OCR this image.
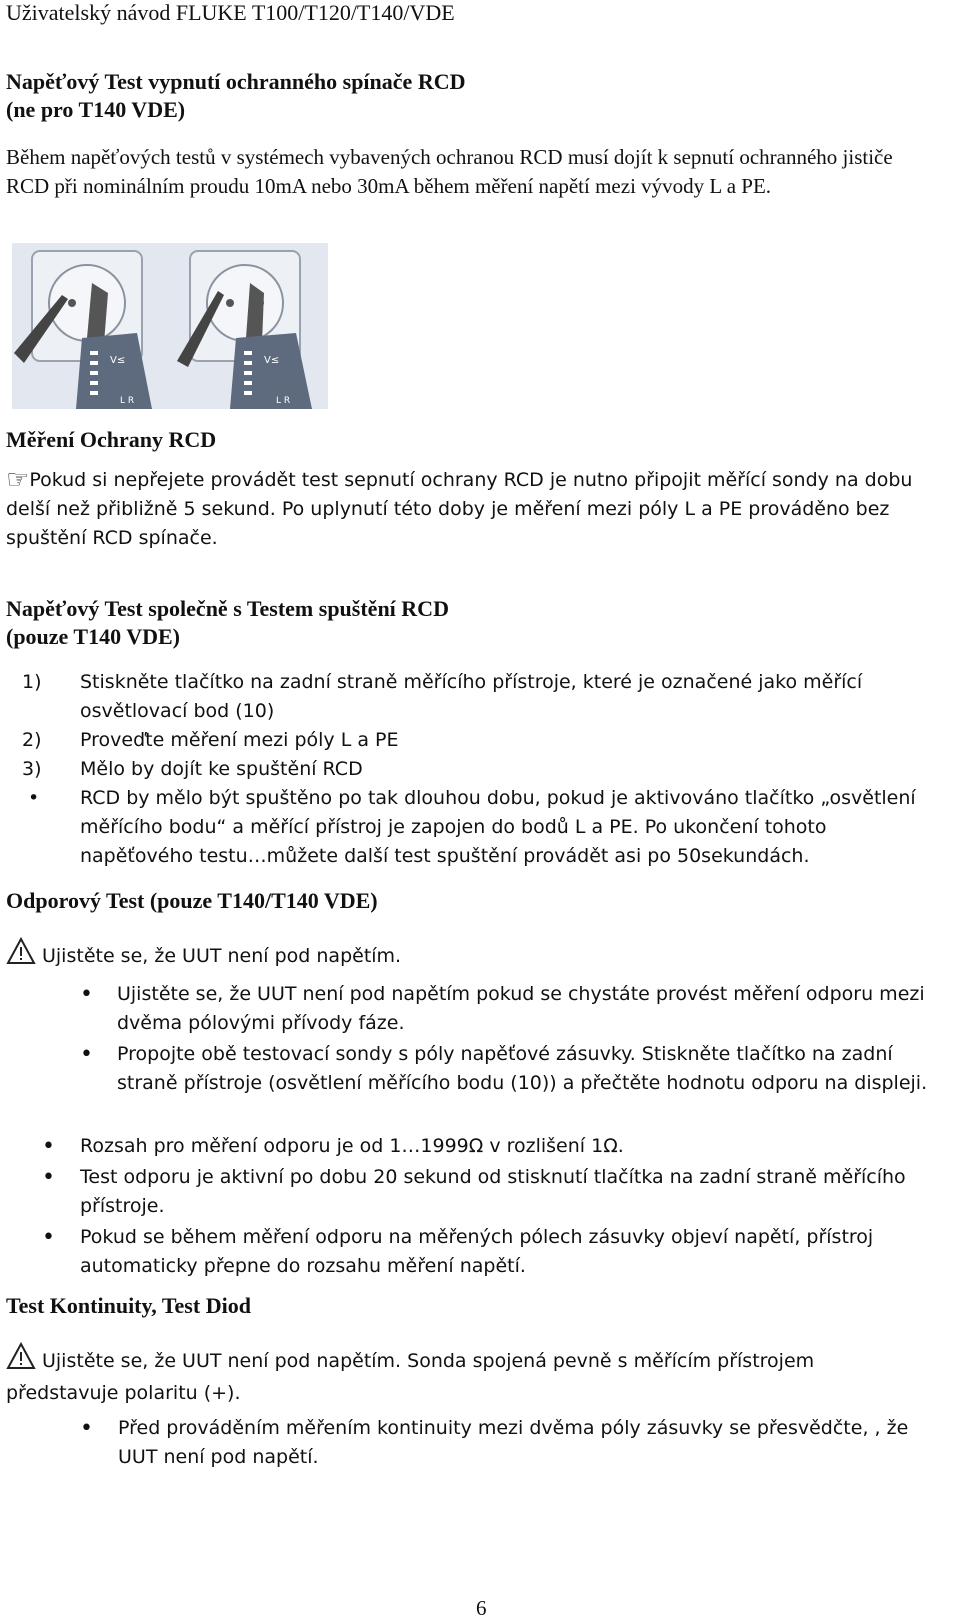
Uživatelský návod FLUKE T100/T120/T140/VDE
Napěťový Test vypnutí ochranného spínače RCD
(ne pro T140 VDE)
Během napěťových testů v systémech vybavených ochranou RCD musí dojít k sepnutí ochranného jističe RCD při nominálním proudu 10mA nebo 30mA během měření napětí mezi vývody L a PE.
V≤	V≤
L R	L R
Měření Ochrany RCD
☞Pokud si nepřejete provádět test sepnutí ochrany RCD je nutno připojit měřící sondy na dobu delší než přibližně 5 sekund. Po uplynutí této doby je měření mezi póly L a PE prováděno bez spuštění RCD spínače.
Napěťový Test společně s Testem spuštění RCD
(pouze T140 VDE)
1) Stiskněte tlačítko na zadní straně měřícího přístroje, které je označené jako měřící osvětlovací bod (10)
2) Proveďte měření mezi póly L a PE
3) Mělo by dojít ke spuštění RCD
• RCD by mělo být spuštěno po tak dlouhou dobu, pokud je aktivováno tlačítko „osvětlení měřícího bodu“ a měřící přístroj je zapojen do bodů L a PE. Po ukončení tohoto napěťového testu…můžete další test spuštění provádět asi po 50sekundách.
Odporový Test (pouze T140/T140 VDE)
Ujistěte se, že UUT není pod napětím.
• Ujistěte se, že UUT není pod napětím pokud se chystáte provést měření odporu mezi dvěma pólovými přívody fáze.
• Propojte obě testovací sondy s póly napěťové zásuvky. Stiskněte tlačítko na zadní straně přístroje (osvětlení měřícího bodu (10)) a přečtěte hodnotu odporu na displeji.
• Rozsah pro měření odporu je od 1…1999Ω v rozlišení 1Ω.
• Test odporu je aktivní po dobu 20 sekund od stisknutí tlačítka na zadní straně měřícího přístroje.
• Pokud se během měření odporu na měřených pólech zásuvky objeví napětí, přístroj automaticky přepne do rozsahu měření napětí.
Test Kontinuity, Test Diod
Ujistěte se, že UUT není pod napětím. Sonda spojená pevně s měřícím přístrojem představuje polaritu (+).
• Před prováděním měřením kontinuity mezi dvěma póly zásuvky se přesvědčte, , že UUT není pod napětí.
6
